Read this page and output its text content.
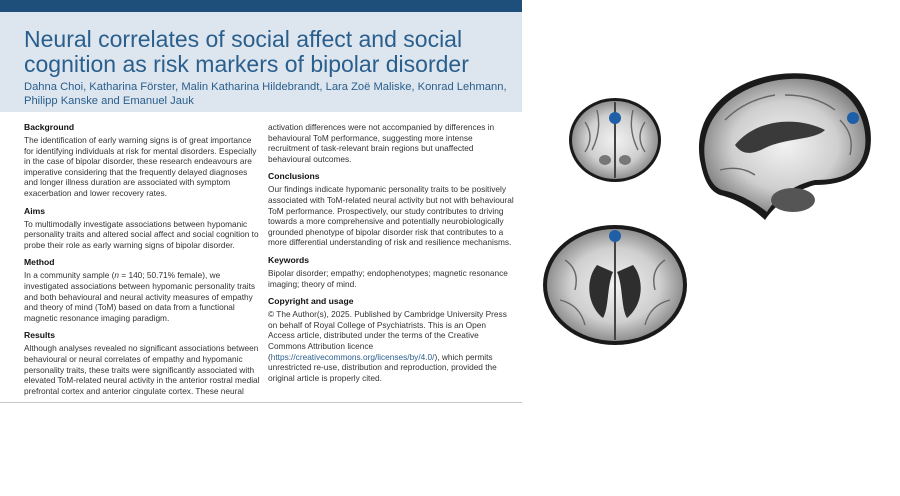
Neural correlates of social affect and social cognition as risk markers of bipolar disorder

Dahna Choi, Katharina Förster, Malin Katharina Hildebrandt, Lara Zoë Maliske, Konrad Lehmann, Philipp Kanske and Emanuel Jauk

Background

The identification of early warning signs is of great importance for identifying individuals at risk for mental disorders. Especially in the case of bipolar disorder, these research endeavours are imperative considering that the frequently delayed diagnoses and longer illness duration are associated with symptom exacerbation and lower recovery rates.

Aims

To multimodally investigate associations between hypomanic personality traits and altered social affect and social cognition to probe their role as early warning signs of bipolar disorder.

Method

In a community sample (n = 140; 50.71% female), we investigated associations between hypomanic personality traits and both behavioural and neural activity measures of empathy and theory of mind (ToM) based on data from a functional magnetic resonance imaging paradigm.

Results

Although analyses revealed no significant associations between behavioural or neural correlates of empathy and hypomanic personality traits, these traits were significantly associated with elevated ToM-related neural activity in the anterior rostral medial prefrontal cortex and anterior cingulate cortex. These neural

activation differences were not accompanied by differences in behavioural ToM performance, suggesting more intense recruitment of task-relevant brain regions but unaffected behavioural outcomes.

Conclusions

Our findings indicate hypomanic personality traits to be positively associated with ToM-related neural activity but not with behavioural ToM performance. Prospectively, our study contributes to driving towards a more comprehensive and potentially neurobiologically grounded phenotype of bipolar disorder risk that contributes to a more differential understanding of risk and resilience mechanisms.

Keywords

Bipolar disorder; empathy; endophenotypes; magnetic resonance imaging; theory of mind.

Copyright and usage

© The Author(s), 2025. Published by Cambridge University Press on behalf of Royal College of Psychiatrists. This is an Open Access article, distributed under the terms of the Creative Commons Attribution licence (https://creativecommons.org/licenses/by/4.0/), which permits unrestricted re-use, distribution and reproduction, provided the original article is properly cited.
